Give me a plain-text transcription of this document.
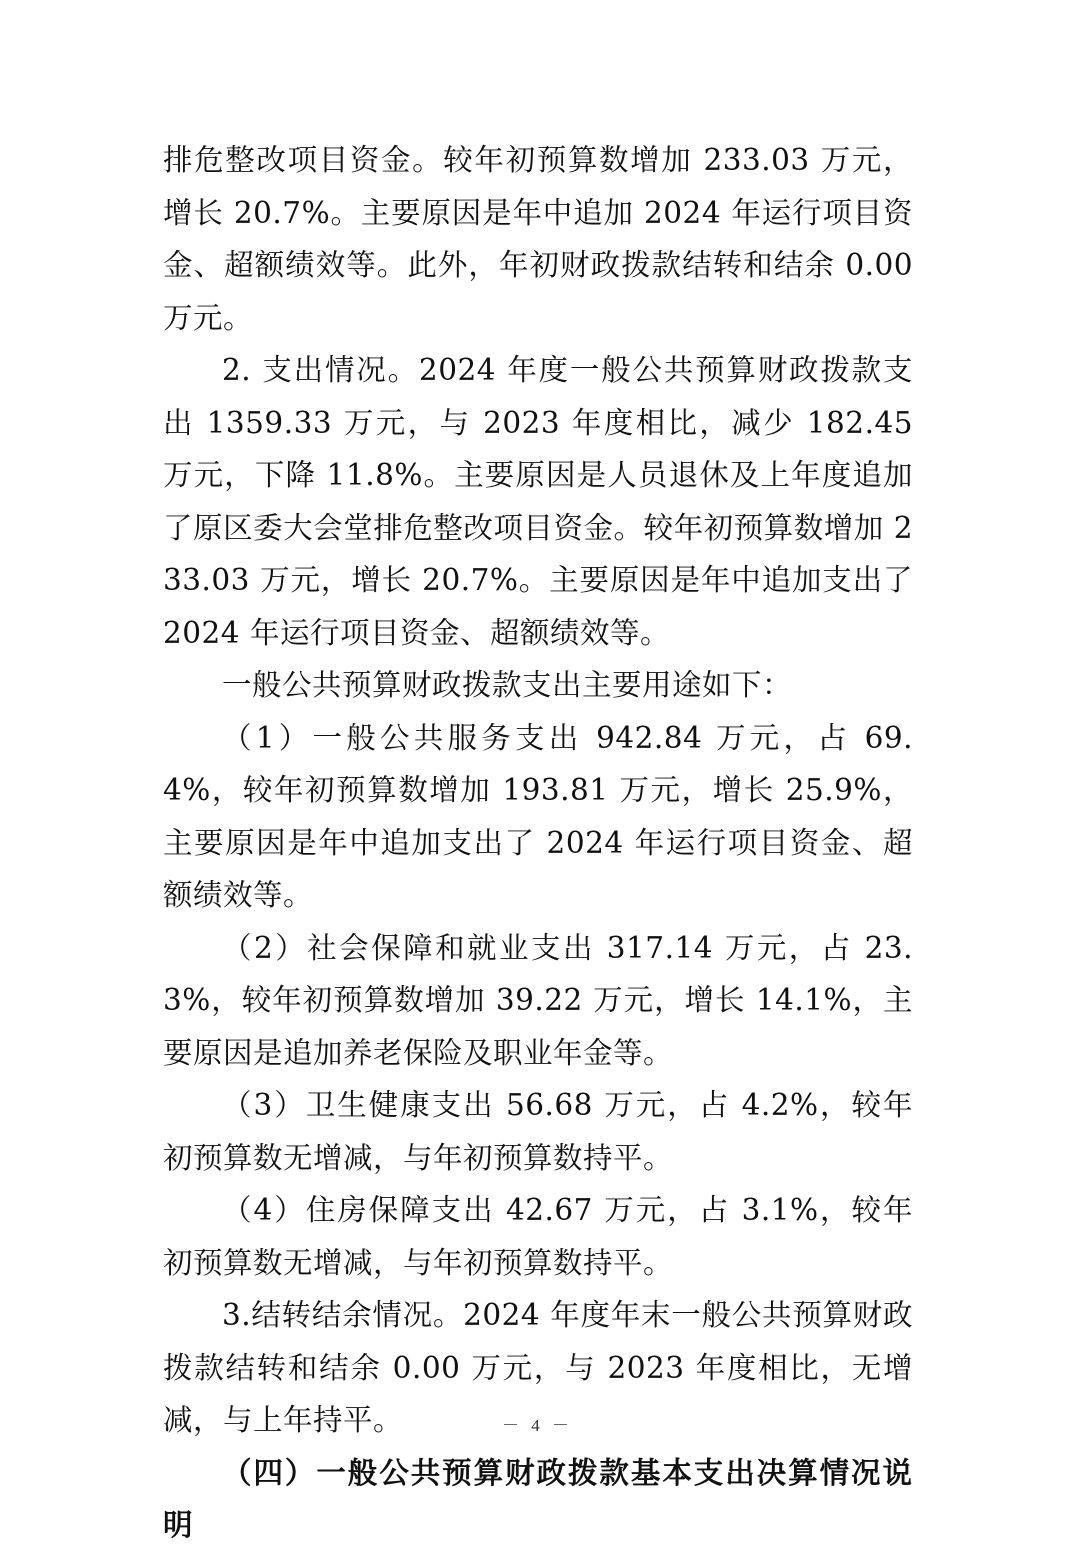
排危整改项目资金。较年初预算数增加 233.03 万元，增长 20.7%。主要原因是年中追加 2024 年运行项目资金、超额绩效等。此外，年初财政拨款结转和结余 0.00 万元。

2. 支出情况。2024 年度一般公共预算财政拨款支出 1359.33 万元，与 2023 年度相比，减少 182.45 万元，下降 11.8%。主要原因是人员退休及上年度追加了原区委大会堂排危整改项目资金。较年初预算数增加 233.03 万元，增长 20.7%。主要原因是年中追加支出了 2024 年运行项目资金、超额绩效等。

一般公共预算财政拨款支出主要用途如下：

（1）一般公共服务支出 942.84 万元，占 69.4%，较年初预算数增加 193.81 万元，增长 25.9%，主要原因是年中追加支出了 2024 年运行项目资金、超额绩效等。

（2）社会保障和就业支出 317.14 万元，占 23.3%，较年初预算数增加 39.22 万元，增长 14.1%，主要原因是追加养老保险及职业年金等。

（3）卫生健康支出 56.68 万元，占 4.2%，较年初预算数无增减，与年初预算数持平。

（4）住房保障支出 42.67 万元，占 3.1%，较年初预算数无增减，与年初预算数持平。

3.结转结余情况。2024 年度年末一般公共预算财政拨款结转和结余 0.00 万元，与 2023 年度相比，无增减，与上年持平。

（四）一般公共预算财政拨款基本支出决算情况说明

－ 4 －
